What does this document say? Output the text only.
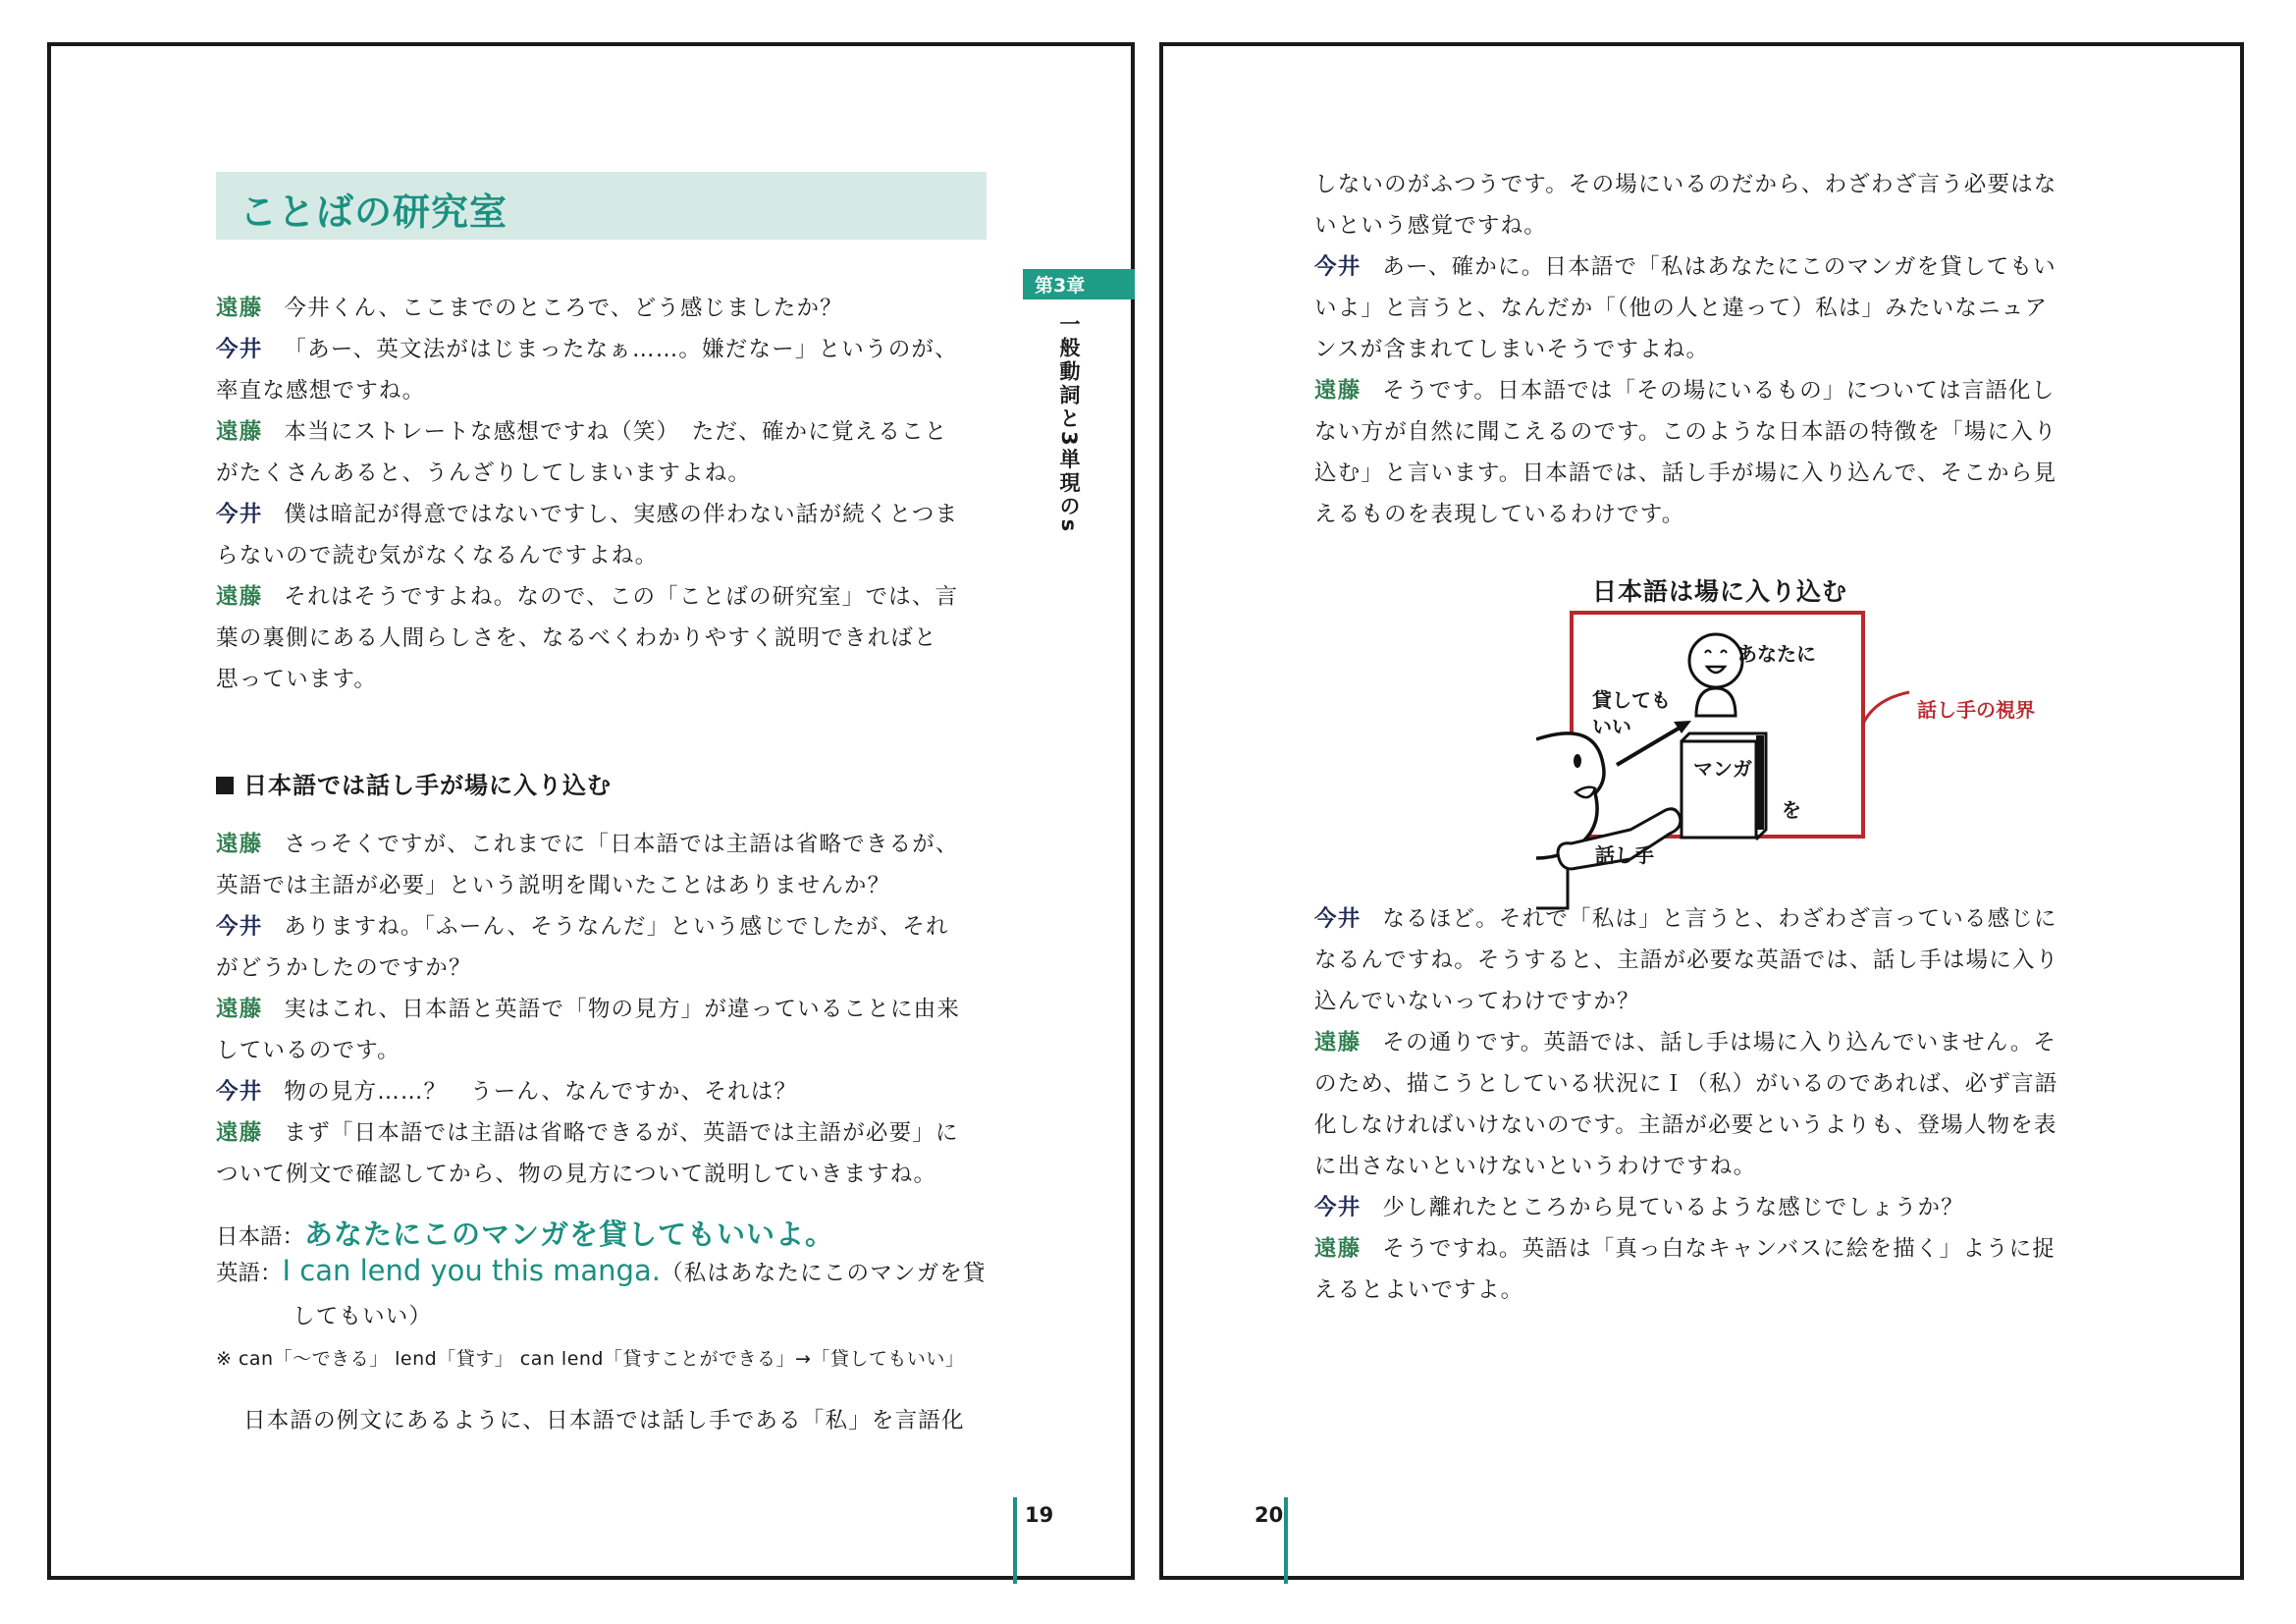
ことばの研究室
遠藤 今井くん、ここまでのところで、どう感じましたか？
今井 「あー、英文法がはじまったなぁ……。嫌だなー」というのが、
率直な感想ですね。
遠藤 本当にストレートな感想ですね（笑）　ただ、確かに覚えること
がたくさんあると、うんざりしてしまいますよね。
今井 僕は暗記が得意ではないですし、実感の伴わない話が続くとつま
らないので読む気がなくなるんですよね。
遠藤 それはそうですよね。なので、この「ことばの研究室」では、言
葉の裏側にある人間らしさを、なるべくわかりやすく説明できればと
思っています。
日本語では話し手が場に入り込む
遠藤 さっそくですが、これまでに「日本語では主語は省略できるが、
英語では主語が必要」という説明を聞いたことはありませんか？
今井 ありますね。「ふーん、そうなんだ」という感じでしたが、それ
がどうかしたのですか？
遠藤 実はこれ、日本語と英語で「物の見方」が違っていることに由来
しているのです。
今井 物の見方……？　うーん、なんですか、それは？
遠藤 まず「日本語では主語は省略できるが、英語では主語が必要」に
ついて例文で確認してから、物の見方について説明していきますね。
日本語：あなたにこのマンガを貸してもいいよ。
英語：I can lend you this manga.（私はあなたにこのマンガを貸
してもいい）
※ can「～できる」 lend「貸す」 can lend「貸すことができる」→「貸してもいい」
日本語の例文にあるように、日本語では話し手である「私」を言語化
第3章
一般動詞と3単現のs
19
しないのがふつうです。その場にいるのだから、わざわざ言う必要はな
いという感覚ですね。
今井 あー、確かに。日本語で「私はあなたにこのマンガを貸してもい
いよ」と言うと、なんだか「（他の人と違って）私は」みたいなニュア
ンスが含まれてしまいそうですよね。
遠藤 そうです。日本語では「その場にいるもの」については言語化し
ない方が自然に聞こえるのです。このような日本語の特徴を「場に入り
込む」と言います。日本語では、話し手が場に入り込んで、そこから見
えるものを表現しているわけです。
日本語は場に入り込む
あなたに
貸しても
いい
マンガ
を
話し手
話し手の視界
今井 なるほど。それで「私は」と言うと、わざわざ言っている感じに
なるんですね。そうすると、主語が必要な英語では、話し手は場に入り
込んでいないってわけですか？
遠藤 その通りです。英語では、話し手は場に入り込んでいません。そ
のため、描こうとしている状況にＩ（私）がいるのであれば、必ず言語
化しなければいけないのです。主語が必要というよりも、登場人物を表
に出さないといけないというわけですね。
今井 少し離れたところから見ているような感じでしょうか？
遠藤 そうですね。英語は「真っ白なキャンバスに絵を描く」ように捉
えるとよいですよ。
20
